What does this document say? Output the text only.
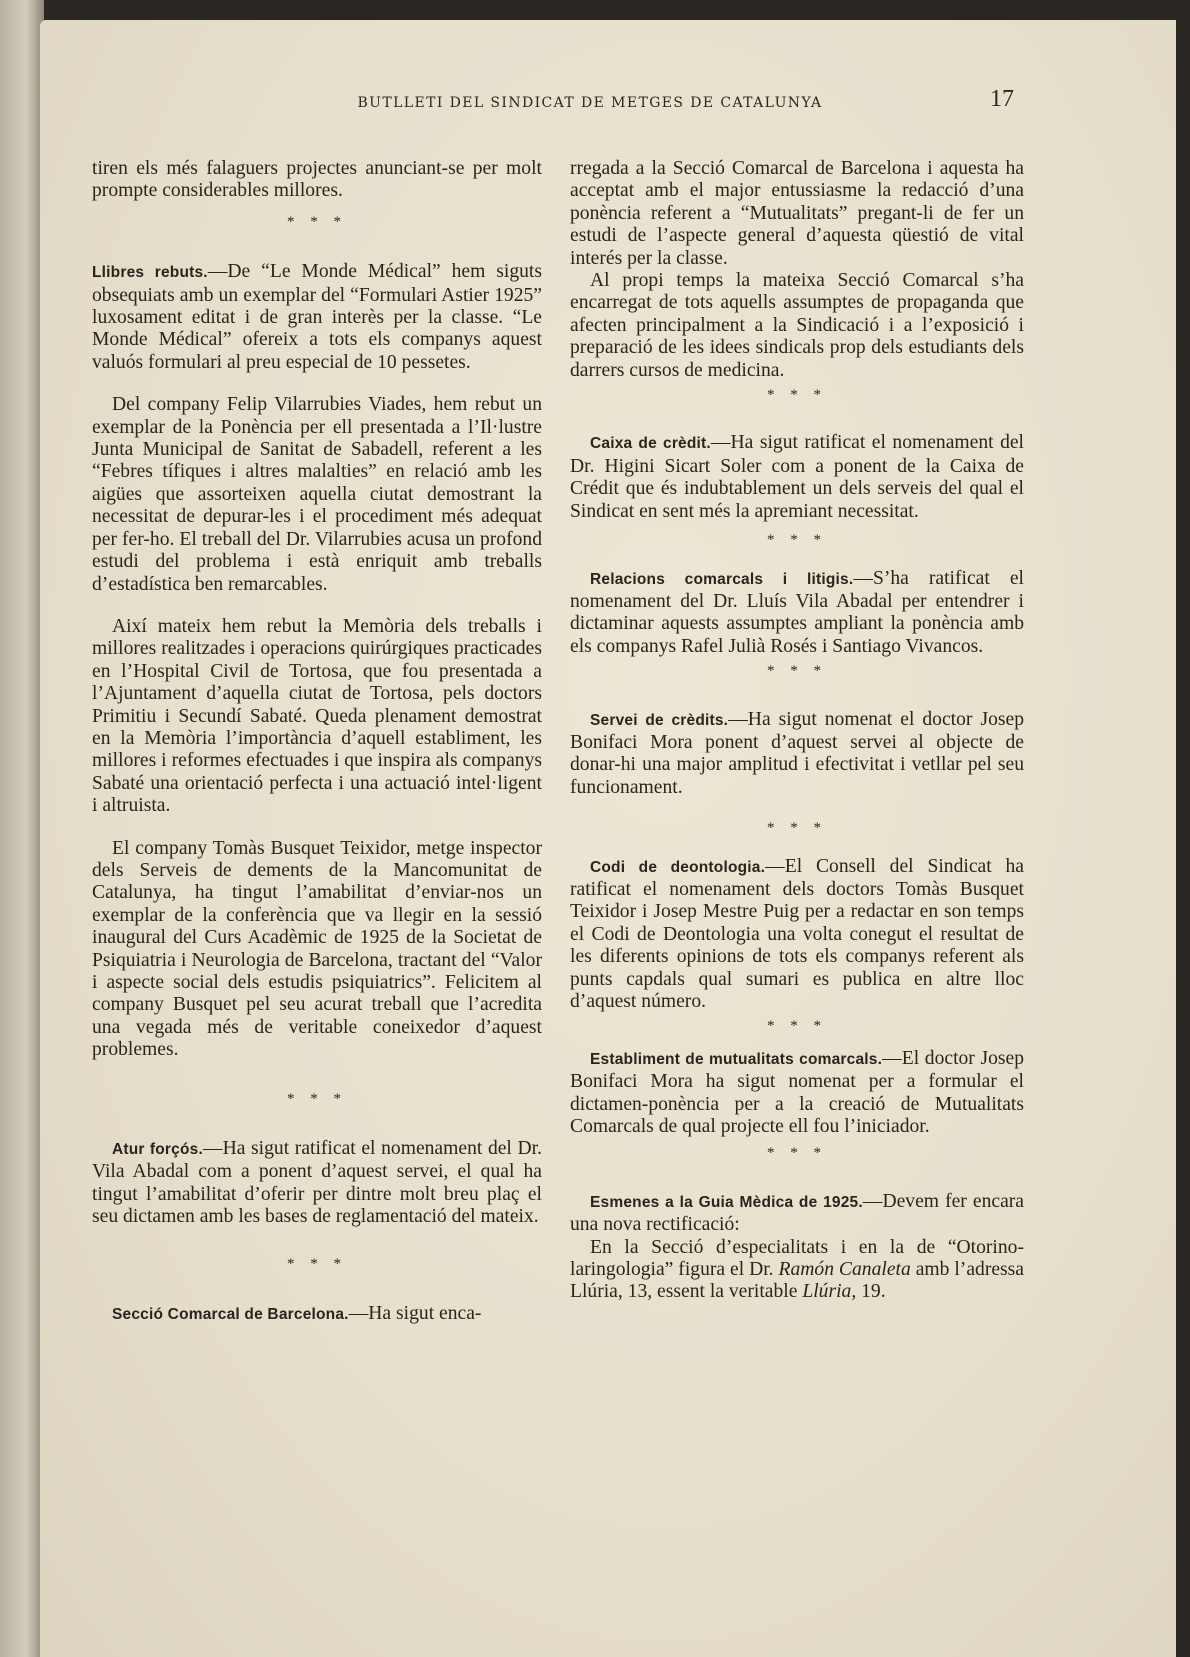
BUTLLETI DEL SINDICAT DE METGES DE CATALUNYA	17

tiren els més falaguers projectes anunciant-se per molt prompte considerables millores.

* * *

Llibres rebuts.—De “Le Monde Médical” hem siguts obsequiats amb un exemplar del “Formulari Astier 1925” luxosament editat i de gran interès per la classe. “Le Monde Médical” ofereix a tots els companys aquest valuós formulari al preu especial de 10 pessetes.

Del company Felip Vilarrubies Viades, hem rebut un exemplar de la Ponència per ell presentada a l’Il·lustre Junta Municipal de Sanitat de Sabadell, referent a les “Febres tífiques i altres malalties” en relació amb les aigües que assorteixen aquella ciutat demostrant la necessitat de depurar-les i el procediment més adequat per fer-ho. El treball del Dr. Vilarrubies acusa un profond estudi del problema i està enriquit amb treballs d’estadística ben remarcables.

Així mateix hem rebut la Memòria dels treballs i millores realitzades i operacions quirúrgiques practicades en l’Hospital Civil de Tortosa, que fou presentada a l’Ajuntament d’aquella ciutat de Tortosa, pels doctors Primitiu i Secundí Sabaté. Queda plenament demostrat en la Memòria l’importància d’aquell establiment, les millores i reformes efectuades i que inspira als companys Sabaté una orientació perfecta i una actuació intel·ligent i altruista.

El company Tomàs Busquet Teixidor, metge inspector dels Serveis de dements de la Mancomunitat de Catalunya, ha tingut l’amabilitat d’enviar-nos un exemplar de la conferència que va llegir en la sessió inaugural del Curs Acadèmic de 1925 de la Societat de Psiquiatria i Neurologia de Barcelona, tractant del “Valor i aspecte social dels estudis psiquiatrics”. Felicitem al company Busquet pel seu acurat treball que l’acredita una vegada més de veritable coneixedor d’aquest problemes.

* * *

Atur forçós.—Ha sigut ratificat el nomenament del Dr. Vila Abadal com a ponent d’aquest servei, el qual ha tingut l’amabilitat d’oferir per dintre molt breu plaç el seu dictamen amb les bases de reglamentació del mateix.

* * *

Secció Comarcal de Barcelona.—Ha sigut enca-

rregada a la Secció Comarcal de Barcelona i aquesta ha acceptat amb el major entussiasme la redacció d’una ponència referent a “Mutualitats” pregant-li de fer un estudi de l’aspecte general d’aquesta qüestió de vital interés per la classe.

Al propi temps la mateixa Secció Comarcal s’ha encarregat de tots aquells assumptes de propaganda que afecten principalment a la Sindicació i a l’exposició i preparació de les idees sindicals prop dels estudiants dels darrers cursos de medicina.

* * *

Caixa de crèdit.—Ha sigut ratificat el nomenament del Dr. Higini Sicart Soler com a ponent de la Caixa de Crédit que és indubtablement un dels serveis del qual el Sindicat en sent més la apremiant necessitat.

* * *

Relacions comarcals i litigis.—S’ha ratificat el nomenament del Dr. Lluís Vila Abadal per entendrer i dictaminar aquests assumptes ampliant la ponència amb els companys Rafel Julià Rosés i Santiago Vivancos.

* * *

Servei de crèdits.—Ha sigut nomenat el doctor Josep Bonifaci Mora ponent d’aquest servei al objecte de donar-hi una major amplitud i efectivitat i vetllar pel seu funcionament.

* * *

Codi de deontologia.—El Consell del Sindicat ha ratificat el nomenament dels doctors Tomàs Busquet Teixidor i Josep Mestre Puig per a redactar en son temps el Codi de Deontologia una volta conegut el resultat de les diferents opinions de tots els companys referent als punts capdals qual sumari es publica en altre lloc d’aquest número.

* * *

Establiment de mutualitats comarcals.—El doctor Josep Bonifaci Mora ha sigut nomenat per a formular el dictamen-ponència per a la creació de Mutualitats Comarcals de qual projecte ell fou l’iniciador.

* * *

Esmenes a la Guia Mèdica de 1925.—Devem fer encara una nova rectificació:

En la Secció d’especialitats i en la de “Otorino-laringologia” figura el Dr. Ramón Canaleta amb l’adressa Llúria, 13, essent la veritable Llúria, 19.
